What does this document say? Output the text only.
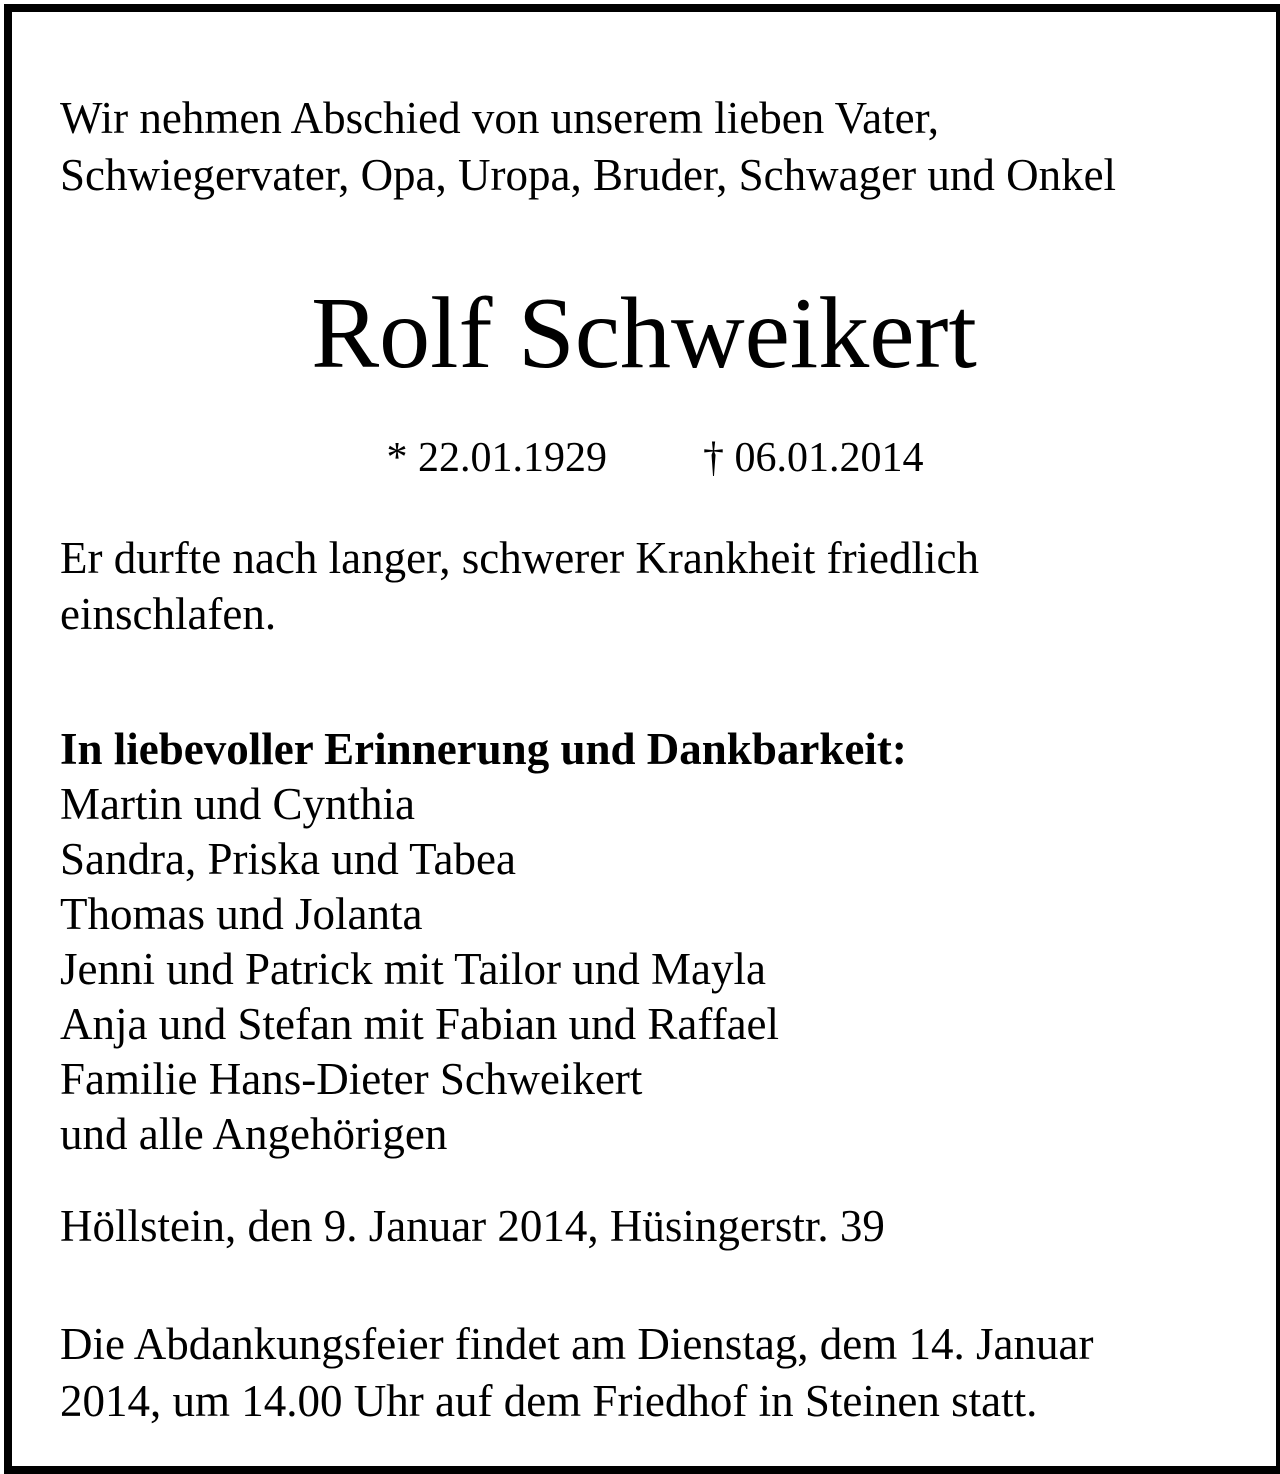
Wir nehmen Abschied von unserem lieben Vater,
Schwiegervater, Opa, Uropa, Bruder, Schwager und Onkel

Rolf Schweikert
* 22.01.1929 † 06.01.2014

Er durfte nach langer, schwerer Krankheit friedlich
einschlafen.

In liebevoller Erinnerung und Dankbarkeit:
Martin und Cynthia
Sandra, Priska und Tabea
Thomas und Jolanta
Jenni und Patrick mit Tailor und Mayla
Anja und Stefan mit Fabian und Raffael
Familie Hans-Dieter Schweikert
und alle Angehörigen

Höllstein, den 9. Januar 2014, Hüsingerstr. 39

Die Abdankungsfeier findet am Dienstag, dem 14. Januar
2014, um 14.00 Uhr auf dem Friedhof in Steinen statt.
